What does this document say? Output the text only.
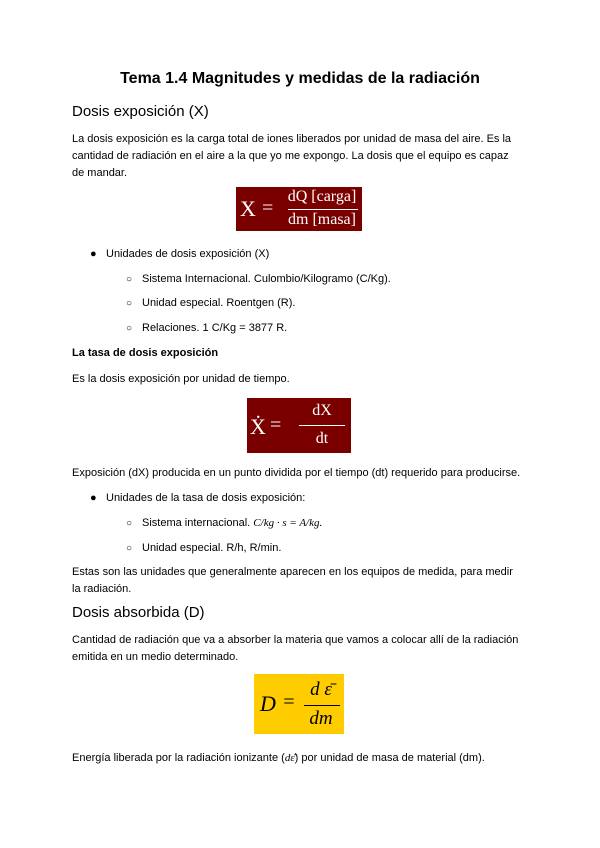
Tema 1.4 Magnitudes y medidas de la radiación
Dosis exposición (X)
La dosis exposición es la carga total de iones liberados por unidad de masa del aire. Es la
cantidad de radiación en el aire a la que yo me expongo. La dosis que el equipo es capaz
de mandar.
X =
dQ [carga]
dm [masa]
● Unidades de dosis exposición (X)
○ Sistema Internacional. Culombio/Kilogramo (C/Kg).
○ Unidad especial. Roentgen (R).
○ Relaciones. 1 C/Kg = 3877 R.
La tasa de dosis exposición
Es la dosis exposición por unidad de tiempo.
Ẋ =
dX
dt
Exposición (dX) producida en un punto dividida por el tiempo (dt) requerido para producirse.
● Unidades de la tasa de dosis exposición:
○ Sistema internacional. C/kg · s = A/kg.
○ Unidad especial. R/h, R/min.
Estas son las unidades que generalmente aparecen en los equipos de medida, para medir
la radiación.
Dosis absorbida (D)
Cantidad de radiación que va a absorber la materia que vamos a colocar allí de la radiación
emitida en un medio determinado.
D =
d ε̄
dm
Energía liberada por la radiación ionizante (dε̄) por unidad de masa de material (dm).
